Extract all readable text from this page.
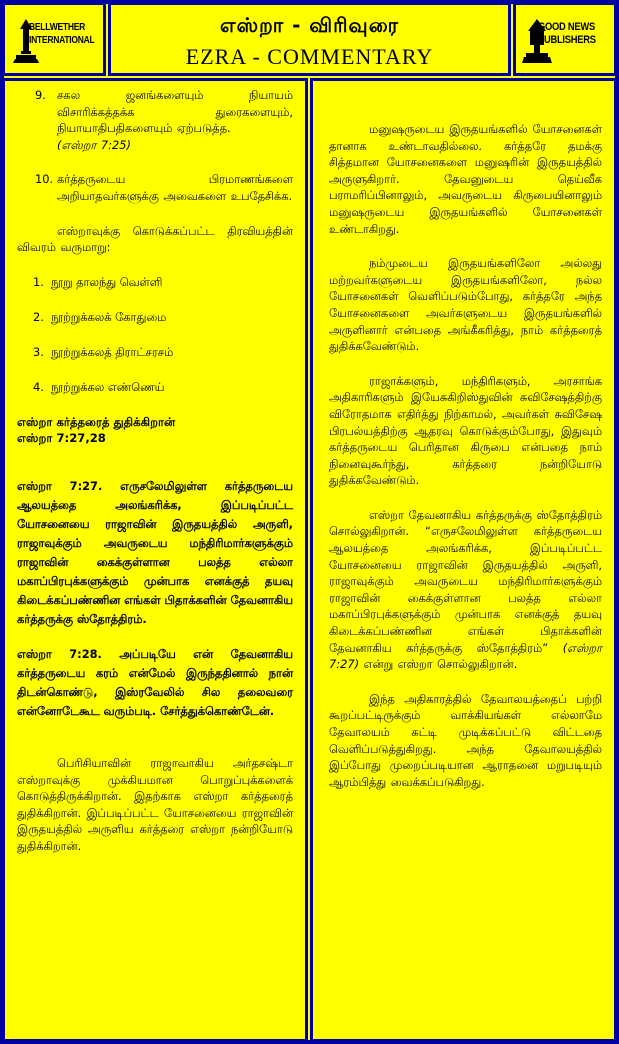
BELLWETHER
INTERNATIONAL
எஸ்றா - விரிவுரை
EZRA - COMMENTARY
GOOD NEWS
PUBLISHERS
9. சகல ஜனங்களையும் நியாயம் விசாரிக்கத்தக்க துரைகளையும், நியாயாதிபதிகளையும் ஏற்படுத்த.
(எஸ்றா 7:25)
10. கர்த்தருடைய பிரமாணங்களை அறியாதவர்களுக்கு அவைகளை உபதேசிக்க.
எஸ்றாவுக்கு கொடுக்கப்பட்ட திரவியத்தின் விவரம் வருமாறு:
1. நூறு தாலந்து வெள்ளி
2. நூற்றுக்கலக் கோதுமை
3. நூற்றுக்கலத் திராட்சரசம்
4. நூற்றுக்கல எண்ணெய்
எஸ்றா கர்த்தரைத் துதிக்கிறான்
எஸ்றா 7:27,28
எஸ்றா 7:27. எருசலேமிலுள்ள கர்த்தருடைய ஆலயத்தை அலங்கரிக்க, இப்படிப்பட்ட யோசனையை ராஜாவின் இருதயத்தில் அருளி, ராஜாவுக்கும் அவருடைய மந்திரிமார்களுக்கும் ராஜாவின் கைக்குள்ளான பலத்த எல்லா மகாப்பிரபுக்களுக்கும் முன்பாக எனக்குத் தயவு கிடைக்கப்பண்ணின எங்கள் பிதாக்களின் தேவனாகிய கர்த்தருக்கு ஸ்தோத்திரம்.
எஸ்றா 7:28. அப்படியே என் தேவனாகிய கர்த்தருடைய கரம் என்மேல் இருந்ததினால் நான் திடன்கொண்டு, இஸ்ரவேலில் சில தலைவரை என்னோடேகூட வரும்படி. சேர்த்துக்கொண்டேன்.
பெரிசியாவின் ராஜாவாகிய அர்தசஷ்டா எஸ்றாவுக்கு முக்கியமான பொறுப்புக்களைக் கொடுத்திருக்கிறான். இதற்காக எஸ்றா கர்த்தரைத் துதிக்கிறான். இப்படிப்பட்ட யோசனையை ராஜாவின் இருதயத்தில் அருளிய கர்த்தரை எஸ்றா நன்றியோடு துதிக்கிறான்.
மனுஷருடைய இருதயங்களில் யோசனைகள் தானாக உண்டாவதில்லை. கர்த்தரே தமக்கு சித்தமான யோசனைகளை மனுஷரின் இருதயத்தில் அருளுகிறார். தேவனுடைய தெய்வீக பராமரிப்பினாலும், அவருடைய கிருபையினாலும் மனுஷருடைய இருதயங்களில் யோசனைகள் உண்டாகிறது.
நம்முடைய இருதயங்களிலோ அல்லது மற்றவர்களுடைய இருதயங்களிலோ, நல்ல யோசனைகள் வெளிப்படும்போது, கர்த்தரே அந்த யோசனைகளை அவர்களுடைய இருதயங்களில் அருளினார் என்பதை அங்கீகரித்து, நாம் கர்த்தரைத் துதிக்கவேண்டும்.
ராஜாக்களும், மந்திரிகளும், அரசாங்க அதிகாரிகளும் இயேசுகிறிஸ்துவின் சுவிசேஷத்திற்கு விரோதமாக எதிர்த்து நிற்காமல், அவர்கள் சுவிசேஷ பிரபல்யத்திற்கு ஆதரவு கொடுக்கும்போது, இதுவும் கர்த்தருடைய பெரிதான கிருபை என்பதை நாம் நினைவுகூர்ந்து, கர்த்தரை நன்றியோடு துதிக்கவேண்டும்.
எஸ்றா தேவனாகிய கர்த்தருக்கு ஸ்தோத்திரம் சொல்லுகிறான். “எருசலேமிலுள்ள கர்த்தருடைய ஆலயத்தை அலங்கரிக்க, இப்படிப்பட்ட யோசனையை ராஜாவின் இருதயத்தில் அருளி, ராஜாவுக்கும் அவருடைய மந்திரிமார்களுக்கும் ராஜாவின் கைக்குள்ளான பலத்த எல்லா மகாப்பிரபுக்களுக்கும் முன்பாக எனக்குத் தயவு கிடைக்கப்பண்ணின எங்கள் பிதாக்களின் தேவனாகிய கர்த்தருக்கு ஸ்தோத்திரம்” (எஸ்றா 7:27) என்று எஸ்றா சொல்லுகிறான்.
இந்த அதிகாரத்தில் தேவாலயத்தைப் பற்றி கூறப்பட்டிருக்கும் வாக்கியங்கள் எல்லாமே தேவாலயம் கட்டி முடிக்கப்பட்டு விட்டதை வெளிப்படுத்துகிறது. அந்த தேவாலயத்தில் இப்போது முறைப்படியான ஆராதனை மறுபடியும் ஆரம்பித்து வைக்கப்படுகிறது.
